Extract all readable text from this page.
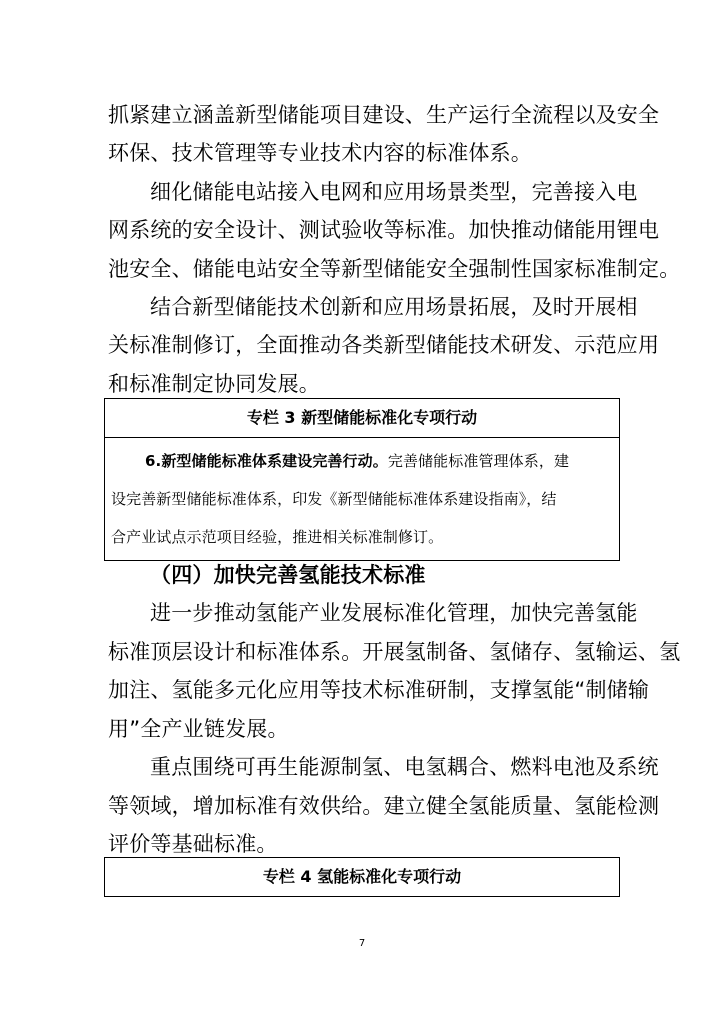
抓紧建立涵盖新型储能项目建设、生产运行全流程以及安全
环保、技术管理等专业技术内容的标准体系。
细化储能电站接入电网和应用场景类型，完善接入电
网系统的安全设计、测试验收等标准。加快推动储能用锂电
池安全、储能电站安全等新型储能安全强制性国家标准制定。
结合新型储能技术创新和应用场景拓展，及时开展相
关标准制修订，全面推动各类新型储能技术研发、示范应用
和标准制定协同发展。
专栏 3 新型储能标准化专项行动
6.新型储能标准体系建设完善行动。完善储能标准管理体系，建
设完善新型储能标准体系，印发《新型储能标准体系建设指南》，结
合产业试点示范项目经验，推进相关标准制修订。
（四）加快完善氢能技术标准
进一步推动氢能产业发展标准化管理，加快完善氢能
标准顶层设计和标准体系。开展氢制备、氢储存、氢输运、氢
加注、氢能多元化应用等技术标准研制，支撑氢能“制储输
用”全产业链发展。
重点围绕可再生能源制氢、电氢耦合、燃料电池及系统
等领域，增加标准有效供给。建立健全氢能质量、氢能检测
评价等基础标准。
专栏 4 氢能标准化专项行动
7
